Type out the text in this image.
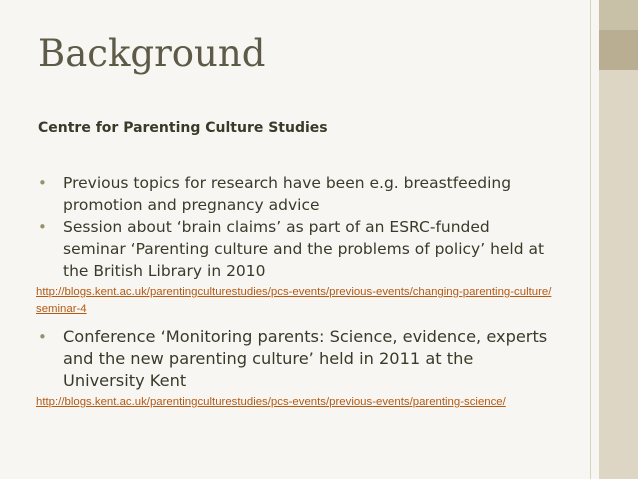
Background
Centre for Parenting Culture Studies
• Previous topics for research have been e.g. breastfeeding promotion and pregnancy advice
• Session about ‘brain claims’ as part of an ESRC-funded seminar ‘Parenting culture and the problems of policy’ held at the British Library in 2010
http://blogs.kent.ac.uk/parentingculturestudies/pcs-events/previous-events/changing-parenting-culture/seminar-4
• Conference ‘Monitoring parents: Science, evidence, experts and the new parenting culture’ held in 2011 at the University Kent
http://blogs.kent.ac.uk/parentingculturestudies/pcs-events/previous-events/parenting-science/
